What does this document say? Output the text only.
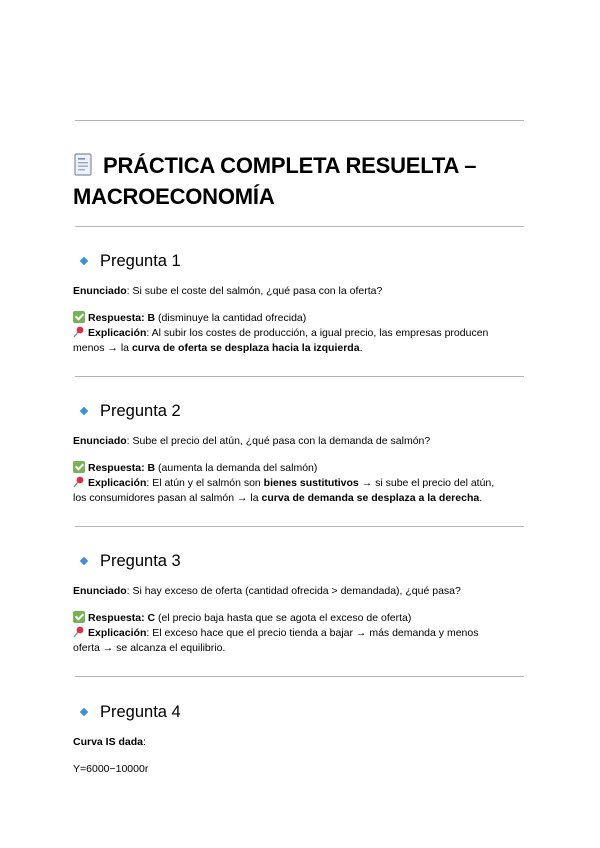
PRÁCTICA COMPLETA RESUELTA –
MACROECONOMÍA
Pregunta 1
Enunciado: Si sube el coste del salmón, ¿qué pasa con la oferta?
Respuesta: B (disminuye la cantidad ofrecida)
Explicación: Al subir los costes de producción, a igual precio, las empresas producen
menos → la curva de oferta se desplaza hacia la izquierda.
Pregunta 2
Enunciado: Sube el precio del atún, ¿qué pasa con la demanda de salmón?
Respuesta: B (aumenta la demanda del salmón)
Explicación: El atún y el salmón son bienes sustitutivos → si sube el precio del atún,
los consumidores pasan al salmón → la curva de demanda se desplaza a la derecha.
Pregunta 3
Enunciado: Si hay exceso de oferta (cantidad ofrecida > demandada), ¿qué pasa?
Respuesta: C (el precio baja hasta que se agota el exceso de oferta)
Explicación: El exceso hace que el precio tienda a bajar → más demanda y menos
oferta → se alcanza el equilibrio.
Pregunta 4
Curva IS dada:
Y=6000−10000r
